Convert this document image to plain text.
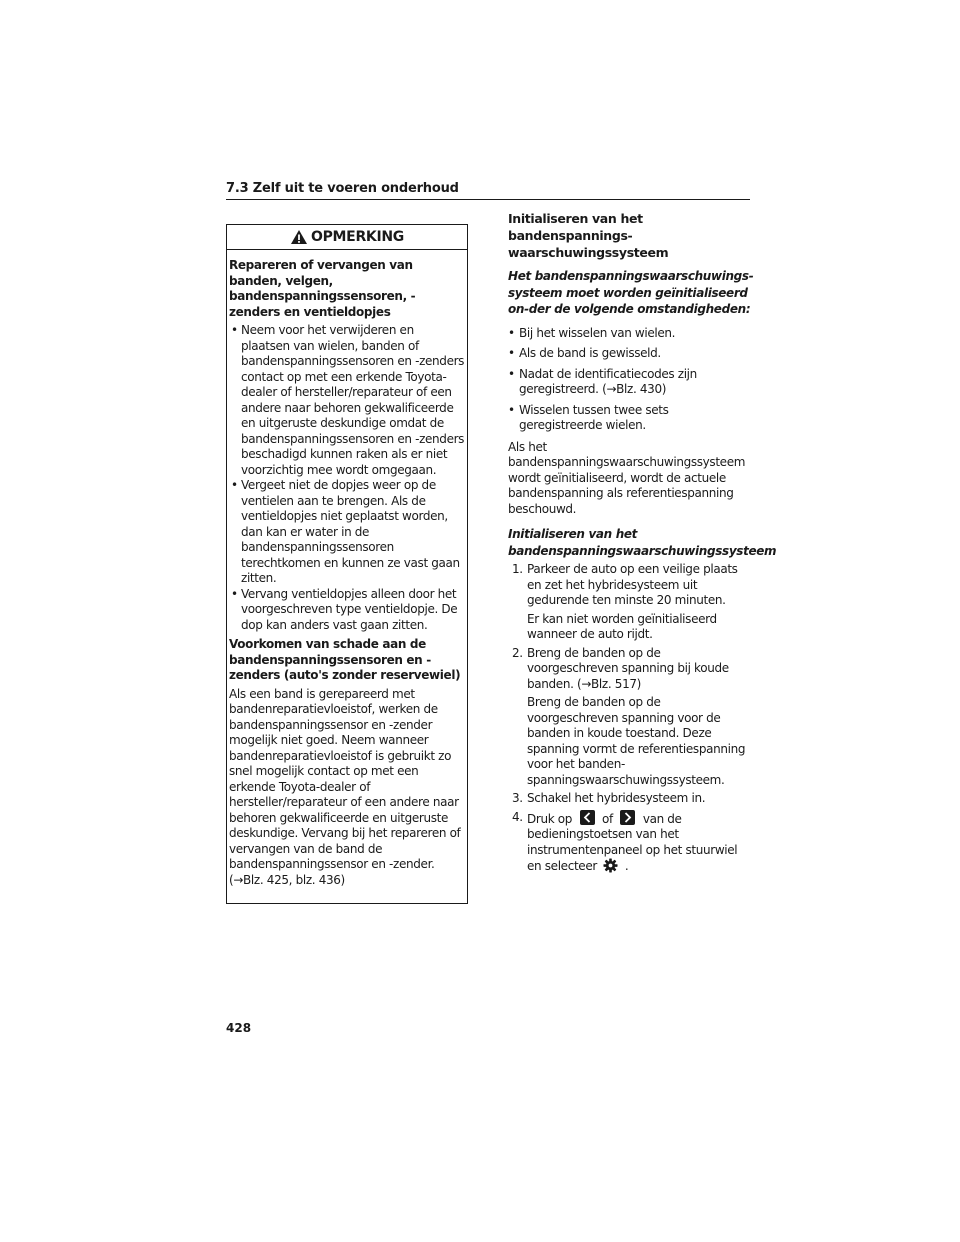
7.3 Zelf uit te voeren onderhoud
OPMERKING
Repareren of vervangen van banden, velgen, bandenspanningssensoren, -zenders en ventieldopjes
• Neem voor het verwijderen en plaatsen van wielen, banden of bandenspanningssensoren en -zenders contact op met een erkende Toyota-dealer of hersteller/reparateur of een andere naar behoren gekwalificeerde en uitgeruste deskundige omdat de bandenspanningssensoren en -zenders beschadigd kunnen raken als er niet voorzichtig mee wordt omgegaan.
• Vergeet niet de dopjes weer op de ventielen aan te brengen. Als de ventieldopjes niet geplaatst worden, dan kan er water in de bandenspanningssensoren terechtkomen en kunnen ze vast gaan zitten.
• Vervang ventieldopjes alleen door het voorgeschreven type ventieldopje. De dop kan anders vast gaan zitten.
Voorkomen van schade aan de bandenspanningssensoren en -zenders (auto's zonder reservewiel)

Als een band is gerepareerd met bandenreparatievloeistof, werken de bandenspanningssensor en -zender mogelijk niet goed. Neem wanneer bandenreparatievloeistof is gebruikt zo snel mogelijk contact op met een erkende Toyota-dealer of hersteller/reparateur of een andere naar behoren gekwalificeerde en uitgeruste deskundige. Vervang bij het repareren of vervangen van de band de bandenspanningssensor en -zender. (→Blz. 425, blz. 436)

Initialiseren van het bandenspannings-waarschuwingssysteem
Het bandenspanningswaarschuwings-systeem moet worden geïnitialiseerd on-der de volgende omstandigheden:
• Bij het wisselen van wielen.
• Als de band is gewisseld.
• Nadat de identificatiecodes zijn geregistreerd. (→Blz. 430)
• Wisselen tussen twee sets geregistreerde wielen.

Als het bandenspanningswaarschuwingssysteem wordt geïnitialiseerd, wordt de actuele bandenspanning als referentiespanning beschouwd.

Initialiseren van het bandenspanningswaarschuwingssysteem
1. Parkeer de auto op een veilige plaats en zet het hybridesysteem uit gedurende ten minste 20 minuten.

Er kan niet worden geïnitialiseerd wanneer de auto rijdt.

2. Breng de banden op de voorgeschreven spanning bij koude banden. (→Blz. 517)

Breng de banden op de voorgeschreven spanning voor de banden in koude toestand. Deze spanning vormt de referentiespanning voor het banden-spanningswaarschuwingssysteem.

3. Schakel het hybridesysteem in.

4. Druk op of van de bedieningstoetsen van het instrumentenpaneel op het stuurwiel en selecteer .

428
